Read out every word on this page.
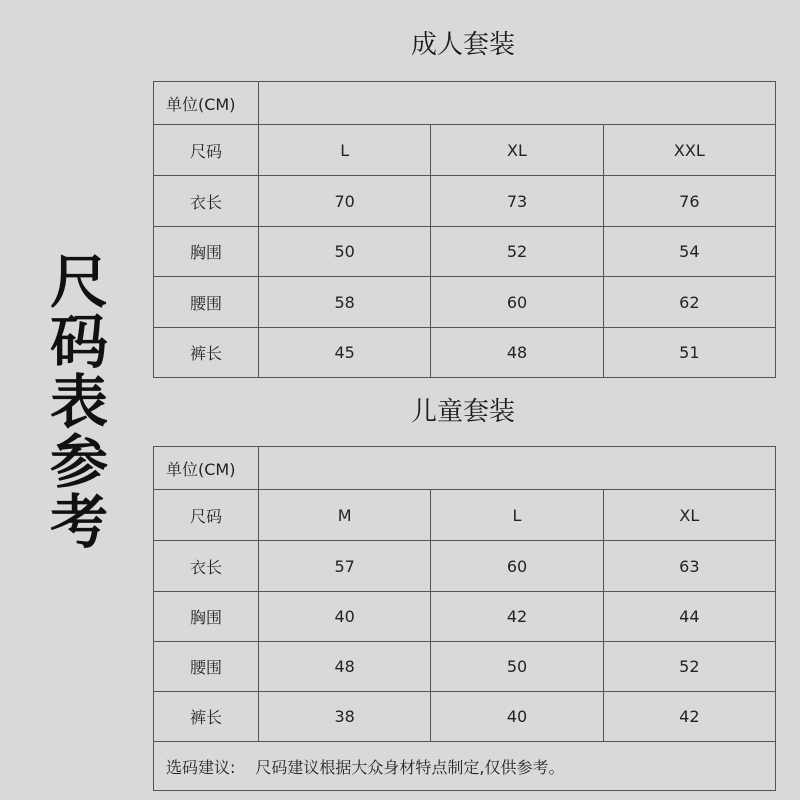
尺
码
表
参
考
成人套装
单位(CM)			
尺码	L	XL	XXL
衣长	70	73	76
胸围	50	52	54
腰围	58	60	62
裤长	45	48	51
儿童套装
单位(CM)			
尺码	M	L	XL
衣长	57	60	63
胸围	40	42	44
腰围	48	50	52
裤长	38	40	42
选码建议: 尺码建议根据大众身材特点制定,仅供参考。			
